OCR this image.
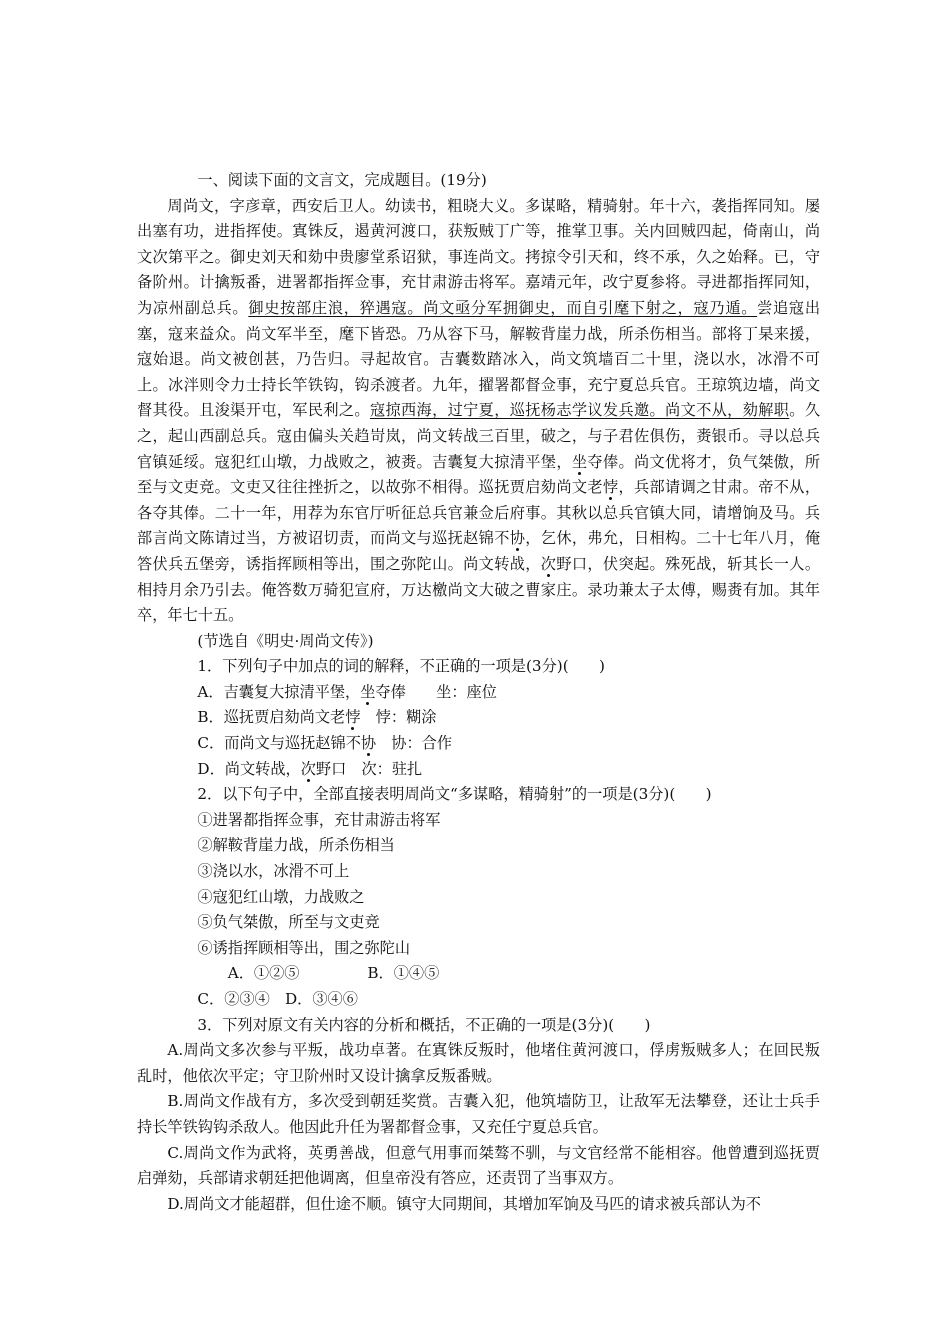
一、阅读下面的文言文，完成题目。(19分)

周尚文，字彦章，西安后卫人。幼读书，粗晓大义。多谋略，精骑射。年十六，袭指挥同知。屡出塞有功，进指挥使。寘铢反，遏黄河渡口，获叛贼丁广等，推掌卫事。关内回贼四起，倚南山，尚文次第平之。御史刘天和劾中贵廖堂系诏狱，事连尚文。拷掠令引天和，终不承，久之始释。已，守备阶州。计擒叛番，进署都指挥佥事，充甘肃游击将军。嘉靖元年，改宁夏参将。寻进都指挥同知，为凉州副总兵。御史按部庄浪，猝遇寇。尚文亟分军拥御史，而自引麾下射之，寇乃遁。尝追寇出塞，寇来益众。尚文军半至，麾下皆恐。乃从容下马，解鞍背崖力战，所杀伤相当。部将丁杲来援，寇始退。尚文被创甚，乃告归。寻起故官。吉囊数踏冰入，尚文筑墙百二十里，浇以水，冰滑不可上。冰泮则令力士持长竿铁钩，钩杀渡者。九年，擢署都督佥事，充宁夏总兵官。王琼筑边墙，尚文督其役。且浚渠开屯，军民利之。寇掠西海，过宁夏，巡抚杨志学议发兵邀。尚文不从，劾解职。久之，起山西副总兵。寇由偏头关趋岢岚，尚文转战三百里，破之，与子君佐俱伤，赉银币。寻以总兵官镇延绥。寇犯红山墩，力战败之，被赉。吉囊复大掠清平堡，坐夺俸。尚文优将才，负气桀傲，所至与文吏竞。文吏又往往挫折之，以故弥不相得。巡抚贾启劾尚文老悖，兵部请调之甘肃。帝不从，各夺其俸。二十一年，用荐为东官厅听征总兵官兼佥后府事。其秋以总兵官镇大同，请增饷及马。兵部言尚文陈请过当，方被诏切责，而尚文与巡抚赵锦不协，乞休，弗允，日相构。二十七年八月，俺答伏兵五堡旁，诱指挥顾相等出，围之弥陀山。尚文转战，次野口，伏突起。殊死战，斩其长一人。相持月余乃引去。俺答数万骑犯宣府，万达檄尚文大破之曹家庄。录功兼太子太傅，赐赉有加。其年卒，年七十五。

(节选自《明史·周尚文传》)

1．下列句子中加点的词的解释，不正确的一项是(3分)(　　)

A．吉囊复大掠清平堡，坐夺俸　　坐：座位

B．巡抚贾启劾尚文老悖　悖：糊涂

C．而尚文与巡抚赵锦不协　协：合作

D．尚文转战，次野口　次：驻扎

2．以下句子中，全部直接表明周尚文“多谋略，精骑射”的一项是(3分)(　　)

①进署都指挥佥事，充甘肃游击将军

②解鞍背崖力战，所杀伤相当

③浇以水，冰滑不可上

④寇犯红山墩，力战败之

⑤负气桀傲，所至与文吏竞

⑥诱指挥顾相等出，围之弥陀山

A．①②⑤	B．①④⑤

C．②③④　D．③④⑥

3．下列对原文有关内容的分析和概括，不正确的一项是(3分)(　　)

A.周尚文多次参与平叛，战功卓著。在寘铢反叛时，他堵住黄河渡口，俘虏叛贼多人；在回民叛乱时，他依次平定；守卫阶州时又设计擒拿反叛番贼。

B.周尚文作战有方，多次受到朝廷奖赏。吉囊入犯，他筑墙防卫，让敌军无法攀登，还让士兵手持长竿铁钩钩杀敌人。他因此升任为署都督佥事，又充任宁夏总兵官。

C.周尚文作为武将，英勇善战，但意气用事而桀骜不驯，与文官经常不能相容。他曾遭到巡抚贾启弹劾，兵部请求朝廷把他调离，但皇帝没有答应，还责罚了当事双方。

D.周尚文才能超群，但仕途不顺。镇守大同期间，其增加军饷及马匹的请求被兵部认为不
